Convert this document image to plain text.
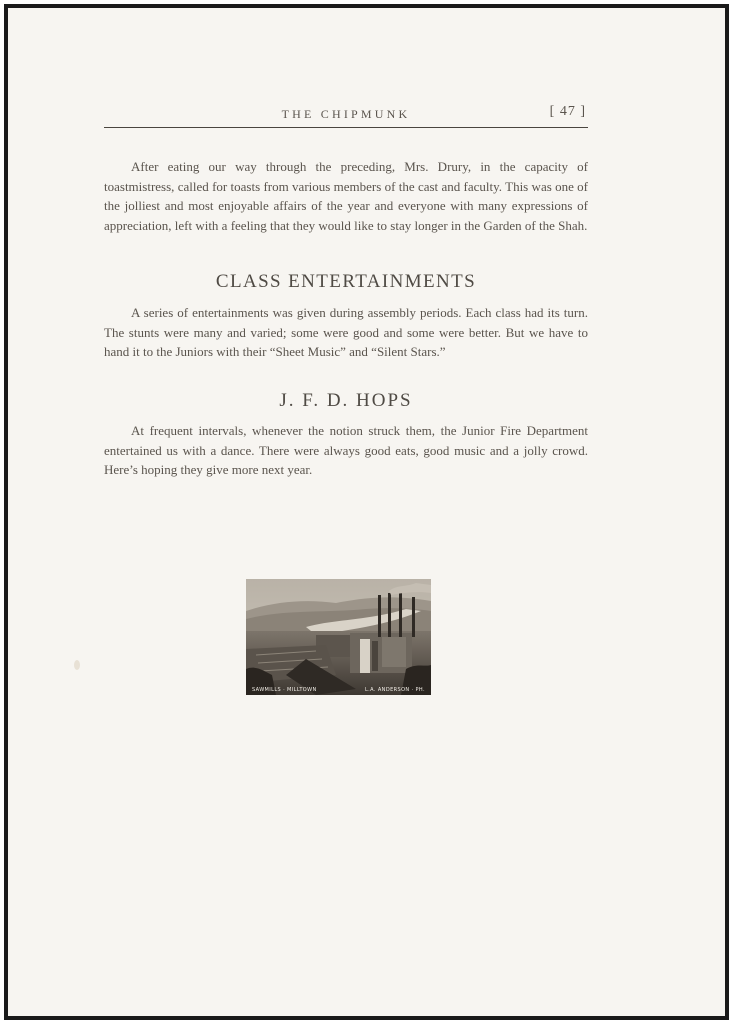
THE CHIPMUNK	[ 47 ]

After eating our way through the preceding, Mrs. Drury, in the capacity of toastmistress, called for toasts from various members of the cast and faculty. This was one of the jolliest and most enjoyable affairs of the year and everyone with many expressions of appreciation, left with a feeling that they would like to stay longer in the Garden of the Shah.

CLASS ENTERTAINMENTS

A series of entertainments was given during assembly periods. Each class had its turn. The stunts were many and varied; some were good and some were better. But we have to hand it to the Juniors with their “Sheet Music” and “Silent Stars.”

J. F. D. HOPS

At frequent intervals, whenever the notion struck them, the Junior Fire Department entertained us with a dance. There were always good eats, good music and a jolly crowd. Here’s hoping they give more next year.

SAWMILLS · MILLTOWN	L.A. ANDERSON · PH.
